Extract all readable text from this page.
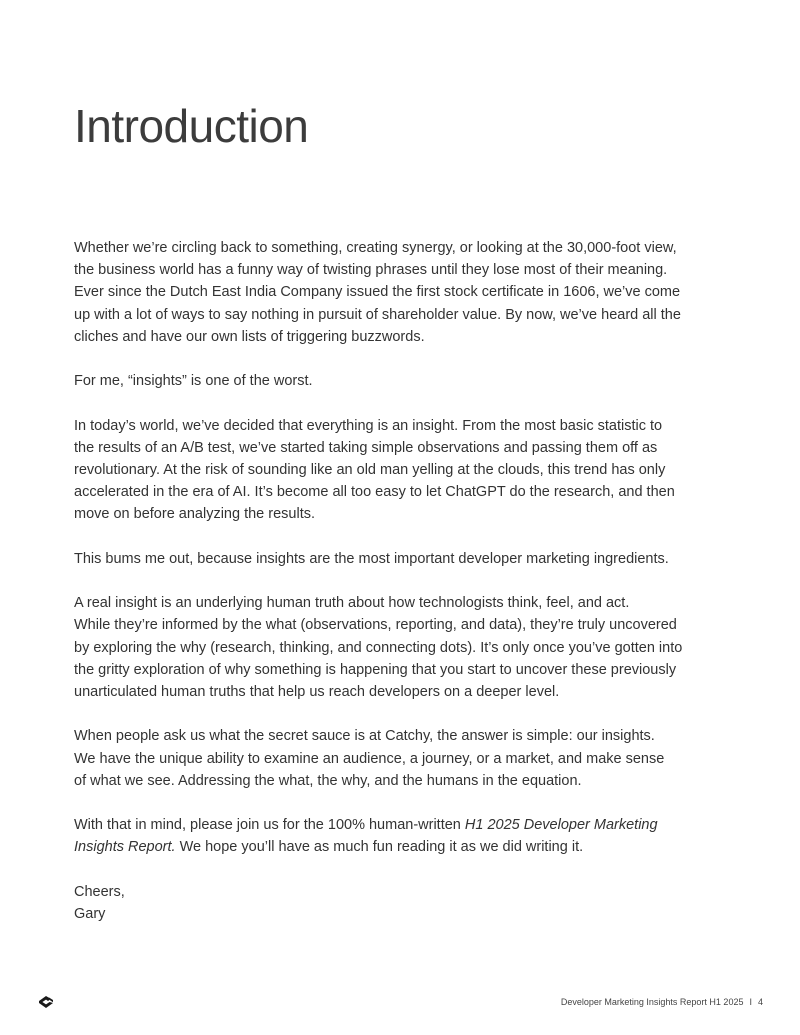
Introduction

Whether we’re circling back to something, creating synergy, or looking at the 30,000-foot view,
the business world has a funny way of twisting phrases until they lose most of their meaning.
Ever since the Dutch East India Company issued the first stock certificate in 1606, we’ve come
up with a lot of ways to say nothing in pursuit of shareholder value. By now, we’ve heard all the
cliches and have our own lists of triggering buzzwords.

For me, “insights” is one of the worst.

In today’s world, we’ve decided that everything is an insight. From the most basic statistic to
the results of an A/B test, we’ve started taking simple observations and passing them off as
revolutionary. At the risk of sounding like an old man yelling at the clouds, this trend has only
accelerated in the era of AI. It’s become all too easy to let ChatGPT do the research, and then
move on before analyzing the results.

This bums me out, because insights are the most important developer marketing ingredients.

A real insight is an underlying human truth about how technologists think, feel, and act.
While they’re informed by the what (observations, reporting, and data), they’re truly uncovered
by exploring the why (research, thinking, and connecting dots). It’s only once you’ve gotten into
the gritty exploration of why something is happening that you start to uncover these previously
unarticulated human truths that help us reach developers on a deeper level.

When people ask us what the secret sauce is at Catchy, the answer is simple: our insights.
We have the unique ability to examine an audience, a journey, or a market, and make sense
of what we see. Addressing the what, the why, and the humans in the equation.

With that in mind, please join us for the 100% human-written H1 2025 Developer Marketing
Insights Report. We hope you’ll have as much fun reading it as we did writing it.

Cheers,
Gary

Developer Marketing Insights Report H1 2025 I 4
